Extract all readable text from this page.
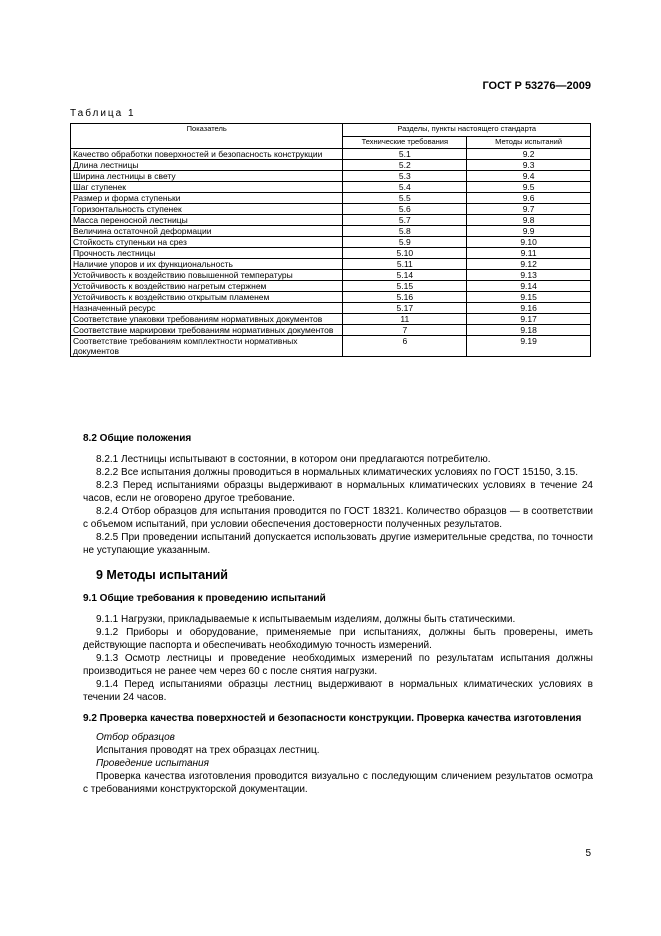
ГОСТ Р 53276—2009
Таблица 1
Показатель	Разделы, пункты настоящего стандарта	
	Технические требования	Методы испытаний
Качество обработки поверхностей и безопасность конструкции	5.1	9.2
Длина лестницы	5.2	9.3
Ширина лестницы в свету	5.3	9.4
Шаг ступенек	5.4	9.5
Размер и форма ступеньки	5.5	9.6
Горизонтальность ступенек	5.6	9.7
Масса переносной лестницы	5.7	9.8
Величина остаточной деформации	5.8	9.9
Стойкость ступеньки на срез	5.9	9.10
Прочность лестницы	5.10	9.11
Наличие упоров и их функциональность	5.11	9.12
Устойчивость к воздействию повышенной температуры	5.14	9.13
Устойчивость к воздействию нагретым стержнем	5.15	9.14
Устойчивость к воздействию открытым пламенем	5.16	9.15
Назначенный ресурс	5.17	9.16
Соответствие упаковки требованиям нормативных документов	11	9.17
Соответствие маркировки требованиям нормативных документов	7	9.18
Соответствие требованиям комплектности нормативных документов	6	9.19

8.2 Общие положения

8.2.1 Лестницы испытывают в состоянии, в котором они предлагаются потребителю.

8.2.2 Все испытания должны проводиться в нормальных климатических условиях по ГОСТ 15150, 3.15.

8.2.3 Перед испытаниями образцы выдерживают в нормальных климатических условиях в течение 24 часов, если не оговорено другое требование.

8.2.4 Отбор образцов для испытания проводится по ГОСТ 18321. Количество образцов — в соответствии с объемом испытаний, при условии обеспечения достоверности полученных результатов.

8.2.5 При проведении испытаний допускается использовать другие измерительные средства, по точности не уступающие указанным.

9 Методы испытаний

9.1 Общие требования к проведению испытаний

9.1.1 Нагрузки, прикладываемые к испытываемым изделиям, должны быть статическими.

9.1.2 Приборы и оборудование, применяемые при испытаниях, должны быть проверены, иметь действующие паспорта и обеспечивать необходимую точность измерений.

9.1.3 Осмотр лестницы и проведение необходимых измерений по результатам испытания должны производиться не ранее чем через 60 с после снятия нагрузки.

9.1.4 Перед испытаниями образцы лестниц выдерживают в нормальных климатических условиях в течении 24 часов.

9.2 Проверка качества поверхностей и безопасности конструкции. Проверка качества изготовления

Отбор образцов

Испытания проводят на трех образцах лестниц.

Проведение испытания

Проверка качества изготовления проводится визуально с последующим сличением результатов осмотра с требованиями конструкторской документации.

5
